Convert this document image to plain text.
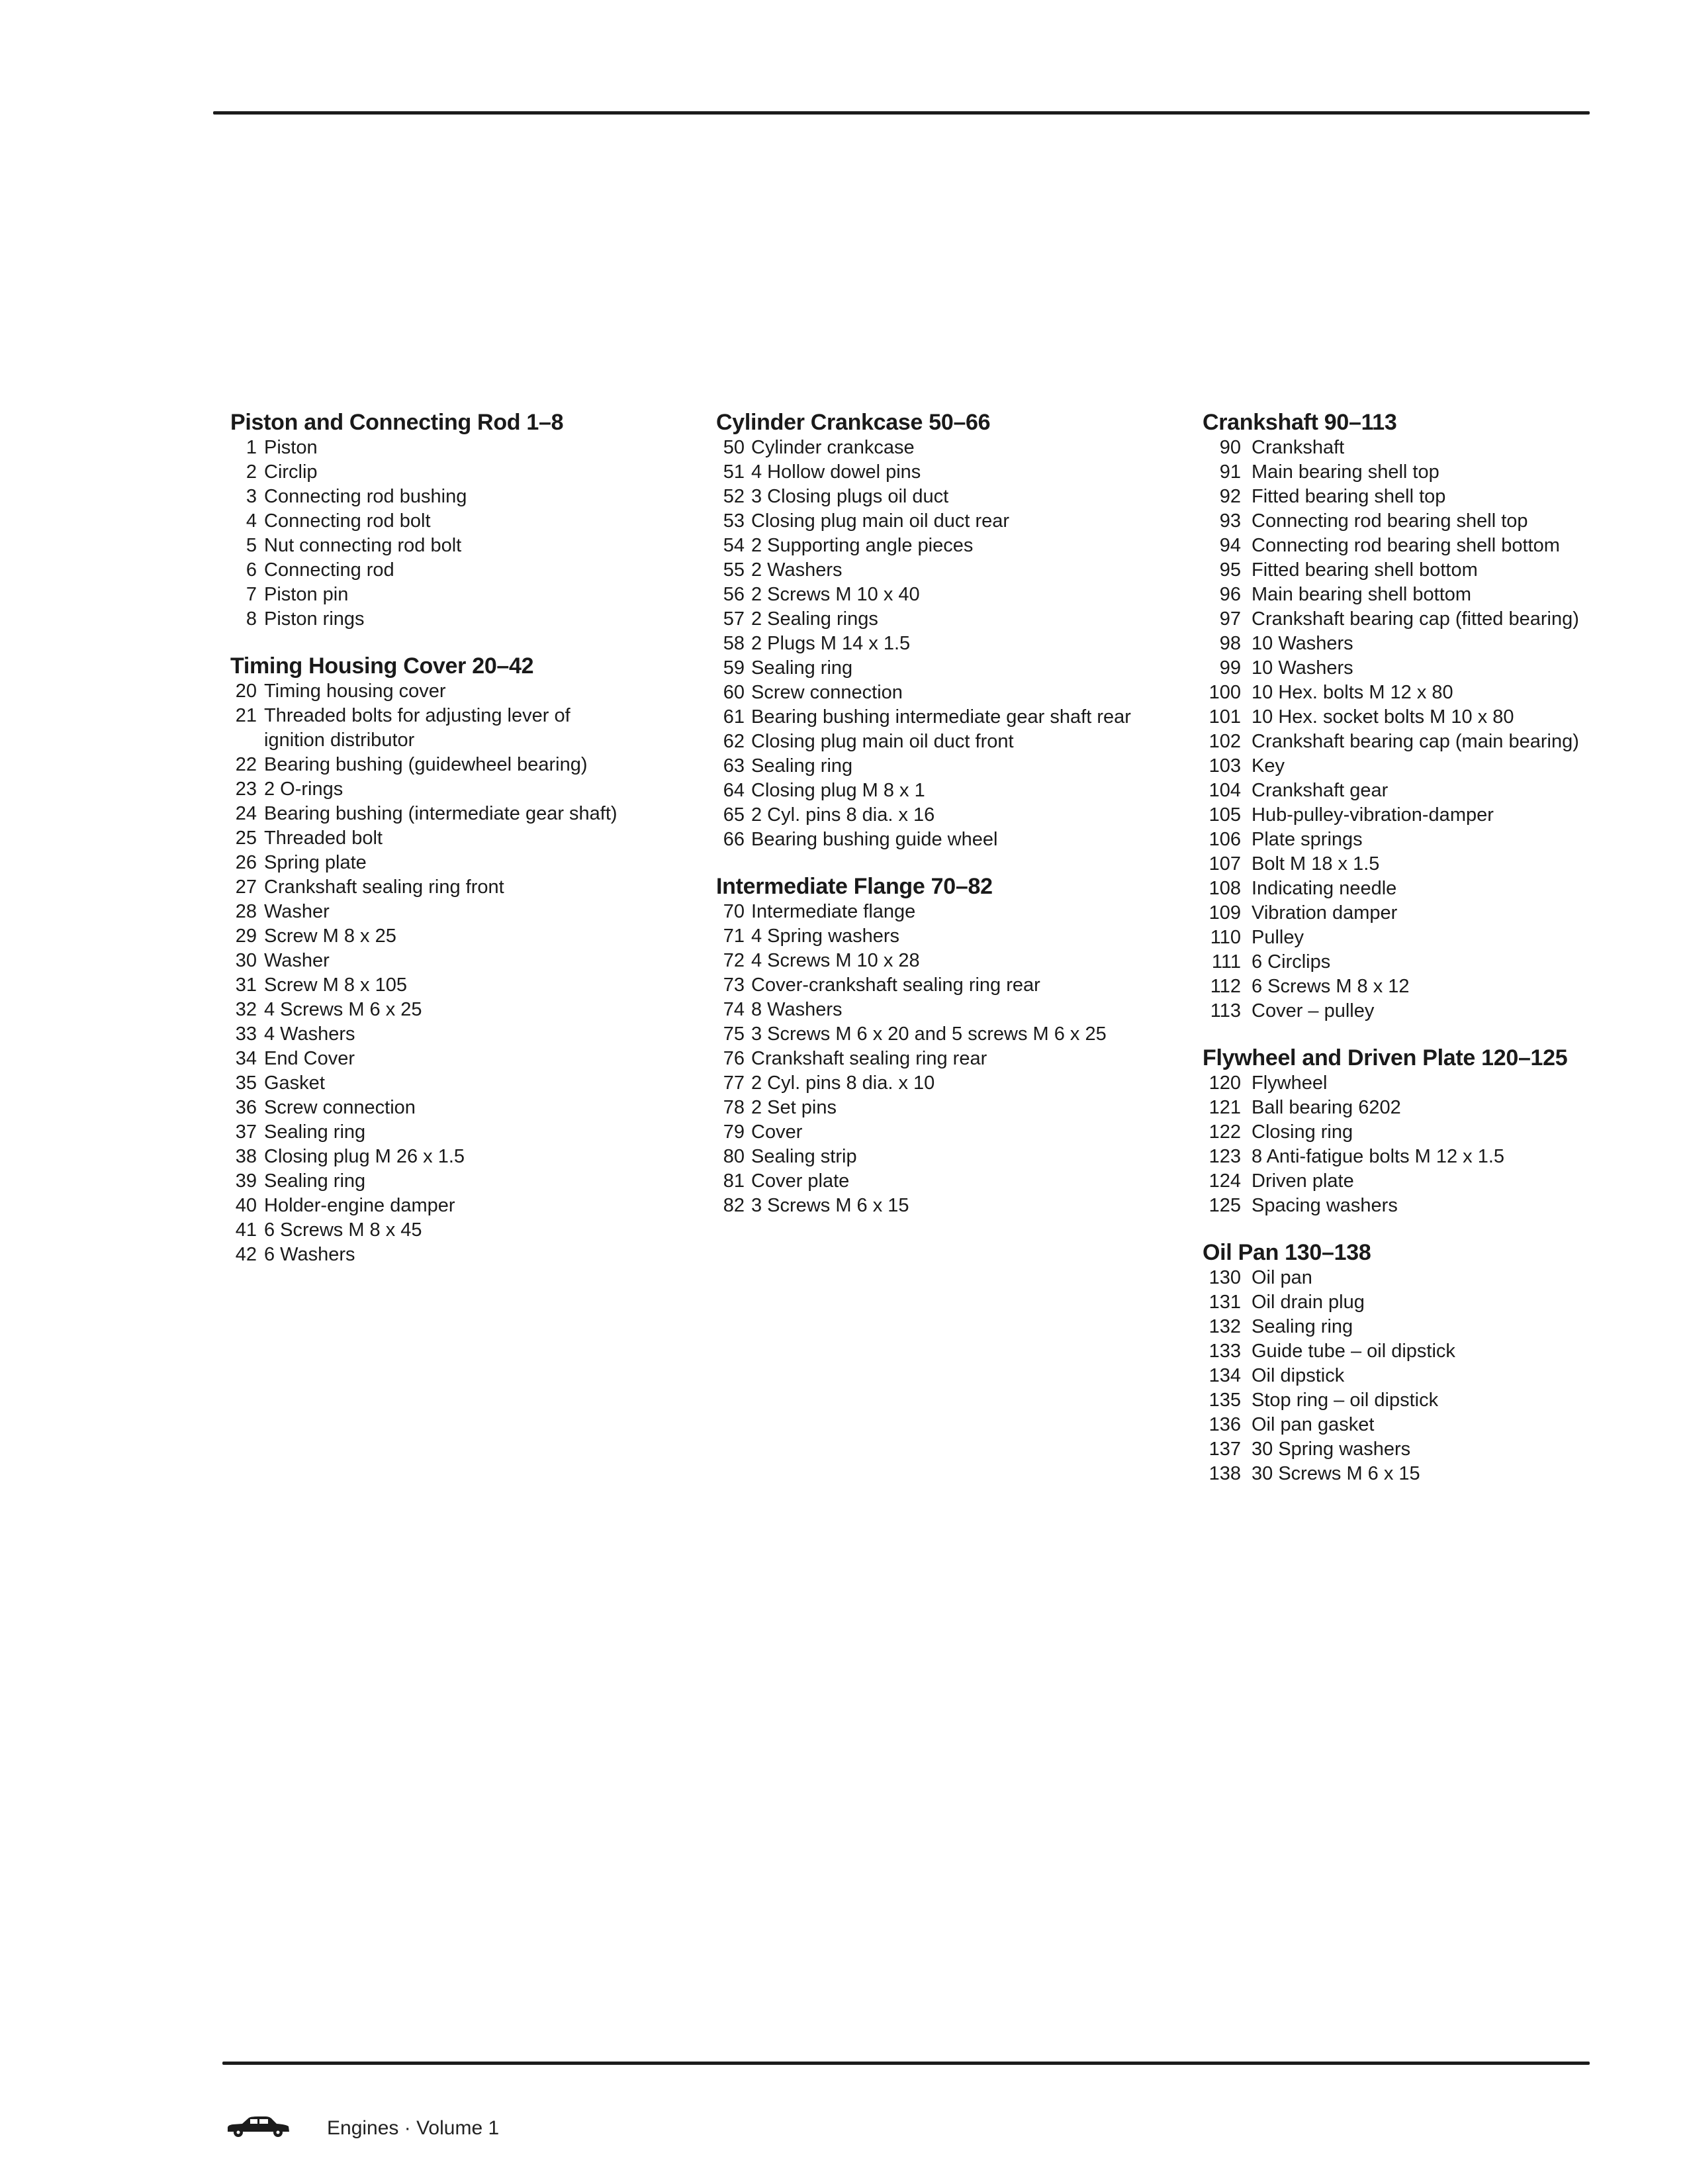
Piston and Connecting Rod 1–8
1 Piston
2 Circlip
3 Connecting rod bushing
4 Connecting rod bolt
5 Nut connecting rod bolt
6 Connecting rod
7 Piston pin
8 Piston rings
Timing Housing Cover 20–42
20 Timing housing cover
21 Threaded bolts for adjusting lever of
ignition distributor
22 Bearing bushing (guidewheel bearing)
23 2 O-rings
24 Bearing bushing (intermediate gear shaft)
25 Threaded bolt
26 Spring plate
27 Crankshaft sealing ring front
28 Washer
29 Screw M 8 x 25
30 Washer
31 Screw M 8 x 105
32 4 Screws M 6 x 25
33 4 Washers
34 End Cover
35 Gasket
36 Screw connection
37 Sealing ring
38 Closing plug M 26 x 1.5
39 Sealing ring
40 Holder-engine damper
41 6 Screws M 8 x 45
42 6 Washers
Cylinder Crankcase 50–66
50 Cylinder crankcase
51 4 Hollow dowel pins
52 3 Closing plugs oil duct
53 Closing plug main oil duct rear
54 2 Supporting angle pieces
55 2 Washers
56 2 Screws M 10 x 40
57 2 Sealing rings
58 2 Plugs M 14 x 1.5
59 Sealing ring
60 Screw connection
61 Bearing bushing intermediate gear shaft rear
62 Closing plug main oil duct front
63 Sealing ring
64 Closing plug M 8 x 1
65 2 Cyl. pins 8 dia. x 16
66 Bearing bushing guide wheel
Intermediate Flange 70–82
70 Intermediate flange
71 4 Spring washers
72 4 Screws M 10 x 28
73 Cover-crankshaft sealing ring rear
74 8 Washers
75 3 Screws M 6 x 20 and 5 screws M 6 x 25
76 Crankshaft sealing ring rear
77 2 Cyl. pins 8 dia. x 10
78 2 Set pins
79 Cover
80 Sealing strip
81 Cover plate
82 3 Screws M 6 x 15
Crankshaft 90–113
90 Crankshaft
91 Main bearing shell top
92 Fitted bearing shell top
93 Connecting rod bearing shell top
94 Connecting rod bearing shell bottom
95 Fitted bearing shell bottom
96 Main bearing shell bottom
97 Crankshaft bearing cap (fitted bearing)
98 10 Washers
99 10 Washers
100 10 Hex. bolts M 12 x 80
101 10 Hex. socket bolts M 10 x 80
102 Crankshaft bearing cap (main bearing)
103 Key
104 Crankshaft gear
105 Hub-pulley-vibration-damper
106 Plate springs
107 Bolt M 18 x 1.5
108 Indicating needle
109 Vibration damper
110 Pulley
111 6 Circlips
112 6 Screws M 8 x 12
113 Cover – pulley
Flywheel and Driven Plate 120–125
120 Flywheel
121 Ball bearing 6202
122 Closing ring
123 8 Anti-fatigue bolts M 12 x 1.5
124 Driven plate
125 Spacing washers
Oil Pan 130–138
130 Oil pan
131 Oil drain plug
132 Sealing ring
133 Guide tube – oil dipstick
134 Oil dipstick
135 Stop ring – oil dipstick
136 Oil pan gasket
137 30 Spring washers
138 30 Screws M 6 x 15
Engines · Volume 1
